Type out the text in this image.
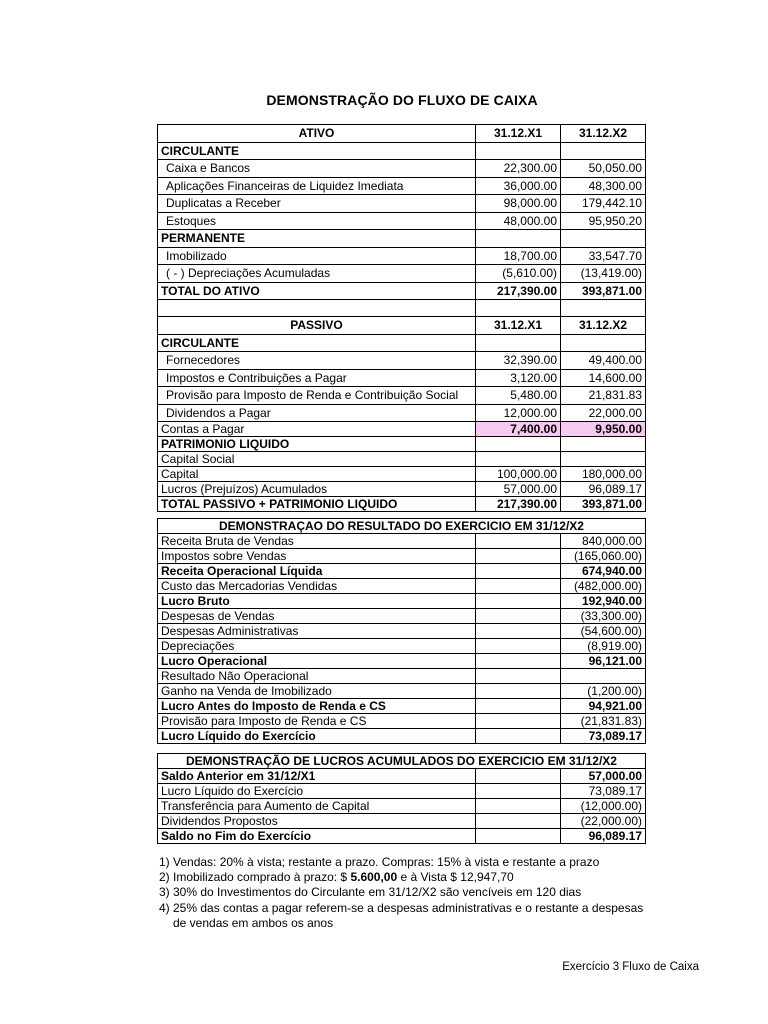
DEMONSTRAÇÃO DO FLUXO DE CAIXA
ATIVO	31.12.X1	31.12.X2
CIRCULANTE		
Caixa e Bancos	22,300.00	50,050.00
Aplicações Financeiras de Liquidez Imediata	36,000.00	48,300.00
Duplicatas a Receber	98,000.00	179,442.10
Estoques	48,000.00	95,950.20
PERMANENTE		
Imobilizado	18,700.00	33,547.70
( - ) Depreciações Acumuladas	(5,610.00)	(13,419.00)
TOTAL DO ATIVO	217,390.00	393,871.00

PASSIVO	31.12.X1	31.12.X2
CIRCULANTE		
Fornecedores	32,390.00	49,400.00
Impostos e Contribuições a Pagar	3,120.00	14,600.00
Provisão para Imposto de Renda e Contribuição Social	5,480.00	21,831.83
Dividendos a Pagar	12,000.00	22,000.00
Contas a Pagar	7,400.00	9,950.00
PATRIMONIO LIQUIDO		
Capital Social		
Capital	100,000.00	180,000.00
Lucros (Prejuízos) Acumulados	57,000.00	96,089.17
TOTAL PASSIVO + PATRIMONIO LIQUIDO	217,390.00	393,871.00
DEMONSTRAÇAO DO RESULTADO DO EXERCICIO EM 31/12/X2		
Receita Bruta de Vendas		840,000.00
Impostos sobre Vendas		(165,060.00)
Receita Operacional Líquida		674,940.00
Custo das Mercadorias Vendidas		(482,000.00)
Lucro Bruto		192,940.00
Despesas de Vendas		(33,300.00)
Despesas Administrativas		(54,600.00)
Depreciações		(8,919.00)
Lucro Operacional		96,121.00
Resultado Não Operacional		
Ganho na Venda de Imobilizado		(1,200.00)
Lucro Antes do Imposto de Renda e CS		94,921.00
Provisão para Imposto de Renda e CS		(21,831.83)
Lucro Líquido do Exercício		73,089.17
DEMONSTRAÇÃO DE LUCROS ACUMULADOS DO EXERCICIO EM 31/12/X2		
Saldo Anterior em 31/12/X1		57,000.00
Lucro Líquido do Exercício		73,089.17
Transferência para Aumento de Capital		(12,000.00)
Dividendos Propostos		(22,000.00)
Saldo no Fim do Exercício		96,089.17
1) Vendas: 20% à vista; restante a prazo. Compras: 15% à vista e restante a prazo
2) Imobilizado comprado à prazo: $ 5.600,00 e à Vista $ 12,947,70
3) 30% do Investimentos do Circulante em 31/12/X2 são vencíveis em 120 dias
4) 25% das contas a pagar referem-se a despesas administrativas e o restante a despesas
de vendas em ambos os anos
Exercício 3 Fluxo de Caixa
